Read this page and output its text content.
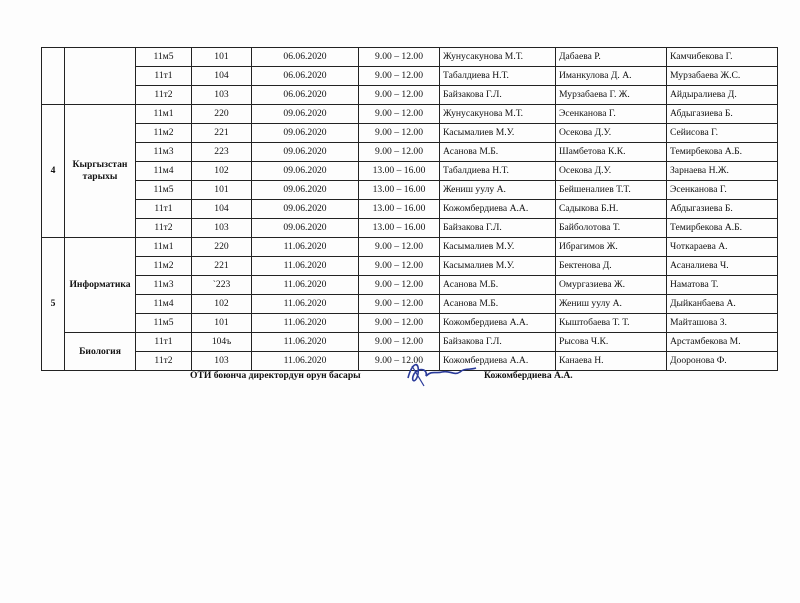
		11м5	101	06.06.2020	9.00 – 12.00	Жунусакунова М.Т.	Дабаева Р.	Камчибекова Г.
		11т1	104	06.06.2020	9.00 – 12.00	Табалдиева Н.Т.	Иманкулова Д. А.	Мурзабаева Ж.С.
		11т2	103	06.06.2020	9.00 – 12.00	Байзакова Г.Л.	Мурзабаева Г. Ж.	Айдыралиева Д.
4	Кыргызстан тарыхы	11м1	220	09.06.2020	9.00 – 12.00	Жунусакунова М.Т.	Эсенканова Г.	Абдыгазиева Б.
		11м2	221	09.06.2020	9.00 – 12.00	Касымалиев М.У.	Осекова Д.У.	Сейисова Г.
		11м3	223	09.06.2020	9.00 – 12.00	Асанова М.Б.	Шамбетова К.К.	Темирбекова А.Б.
		11м4	102	09.06.2020	13.00 – 16.00	Табалдиева Н.Т.	Осекова Д.У.	Зарнаева Н.Ж.
		11м5	101	09.06.2020	13.00 – 16.00	Жениш уулу А.	Бейшеналиев Т.Т.	Эсенканова Г.
		11т1	104	09.06.2020	13.00 – 16.00	Кожомбердиева А.А.	Садыкова Б.Н.	Абдыгазиева Б.
		11т2	103	09.06.2020	13.00 – 16.00	Байзакова Г.Л.	Байболотова Т.	Темирбекова А.Б.
5	Информатика	11м1	220	11.06.2020	9.00 – 12.00	Касымалиев М.У.	Ибрагимов Ж.	Чоткараева А.
		11м2	221	11.06.2020	9.00 – 12.00	Касымалиев М.У.	Бектенова Д.	Асаналиева Ч.
		11м3	`223	11.06.2020	9.00 – 12.00	Асанова М.Б.	Омургазиева Ж.	Наматова Т.
		11м4	102	11.06.2020	9.00 – 12.00	Асанова М.Б.	Жениш уулу А.	Дыйканбаева А.
		11м5	101	11.06.2020	9.00 – 12.00	Кожомбердиева А.А.	Кыштобаева Т. Т.	Майташова З.
	Биология	11т1	104ъ	11.06.2020	9.00 – 12.00	Байзакова Г.Л.	Рысова Ч.К.	Арстамбекова М.
		11т2	103	11.06.2020	9.00 – 12.00	Кожомбердиева А.А.	Канаева Н.	Дооронова Ф.
ОТИ боюнча директордун орун басары	Кожомбердиева А.А.
